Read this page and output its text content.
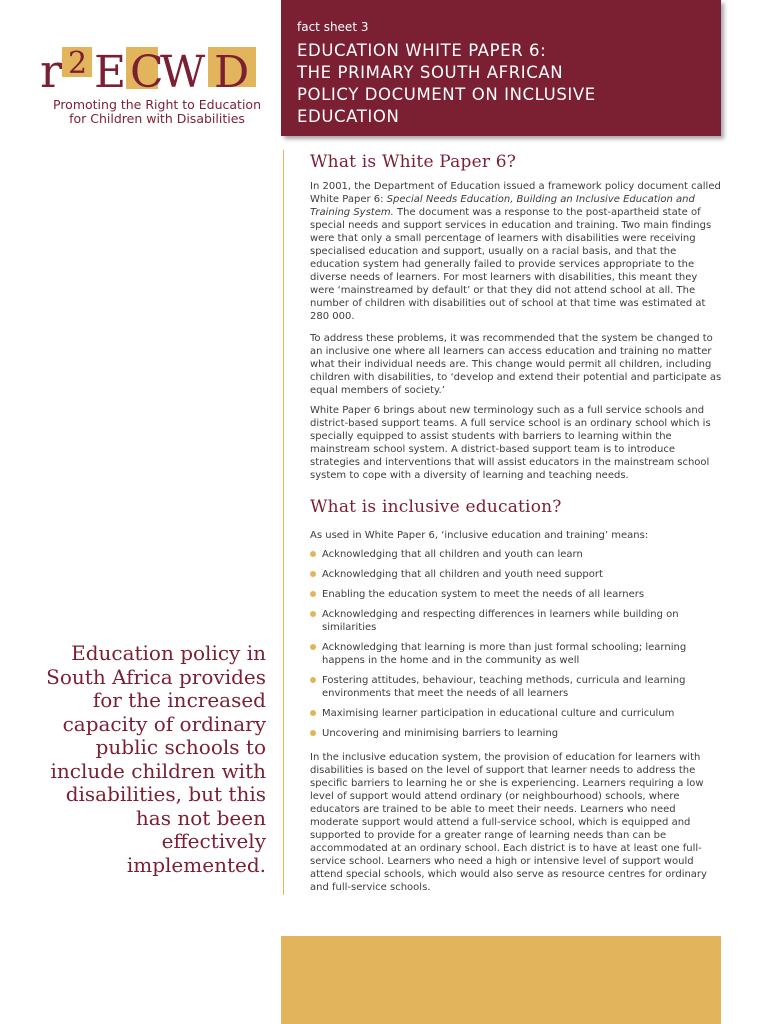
r 2 E C
W D
Promoting the Right to Education
for Children with Disabilities
fact sheet 3
EDUCATION WHITE PAPER 6:
THE PRIMARY SOUTH AFRICAN
POLICY DOCUMENT ON INCLUSIVE
EDUCATION
What is White Paper 6?

In 2001, the Department of Education issued a framework policy document called White Paper 6: Special Needs Education, Building an Inclusive Education and Training System. The document was a response to the post-apartheid state of special needs and support services in education and training. Two main findings were that only a small percentage of learners with disabilities were receiving specialised education and support, usually on a racial basis, and that the education system had generally failed to provide services appropriate to the diverse needs of learners. For most learners with disabilities, this meant they were ‘mainstreamed by default’ or that they did not attend school at all. The number of children with disabilities out of school at that time was estimated at 280 000.

To address these problems, it was recommended that the system be changed to an inclusive one where all learners can access education and training no matter what their individual needs are. This change would permit all children, including children with disabilities, to ‘develop and extend their potential and participate as equal members of society.’

White Paper 6 brings about new terminology such as a full service schools and district-based support teams. A full service school is an ordinary school which is specially equipped to assist students with barriers to learning within the mainstream school system. A district-based support team is to introduce strategies and interventions that will assist educators in the mainstream school system to cope with a diversity of learning and teaching needs.

What is inclusive education?

As used in White Paper 6, ‘inclusive education and training’ means:

Acknowledging that all children and youth can learn
Acknowledging that all children and youth need support
Enabling the education system to meet the needs of all learners
Acknowledging and respecting differences in learners while building on similarities
Acknowledging that learning is more than just formal schooling; learning happens in the home and in the community as well
Fostering attitudes, behaviour, teaching methods, curricula and learning environments that meet the needs of all learners
Maximising learner participation in educational culture and curriculum
Uncovering and minimising barriers to learning

In the inclusive education system, the provision of education for learners with disabilities is based on the level of support that learner needs to address the specific barriers to learning he or she is experiencing. Learners requiring a low level of support would attend ordinary (or neighbourhood) schools, where educators are trained to be able to meet their needs. Learners who need moderate support would attend a full-service school, which is equipped and supported to provide for a greater range of learning needs than can be accommodated at an ordinary school. Each district is to have at least one full-service school. Learners who need a high or intensive level of support would attend special schools, which would also serve as resource centres for ordinary and full-service schools.

Education policy in South Africa provides for the increased capacity of ordinary public schools to include children with disabilities, but this has not been effectively implemented.
